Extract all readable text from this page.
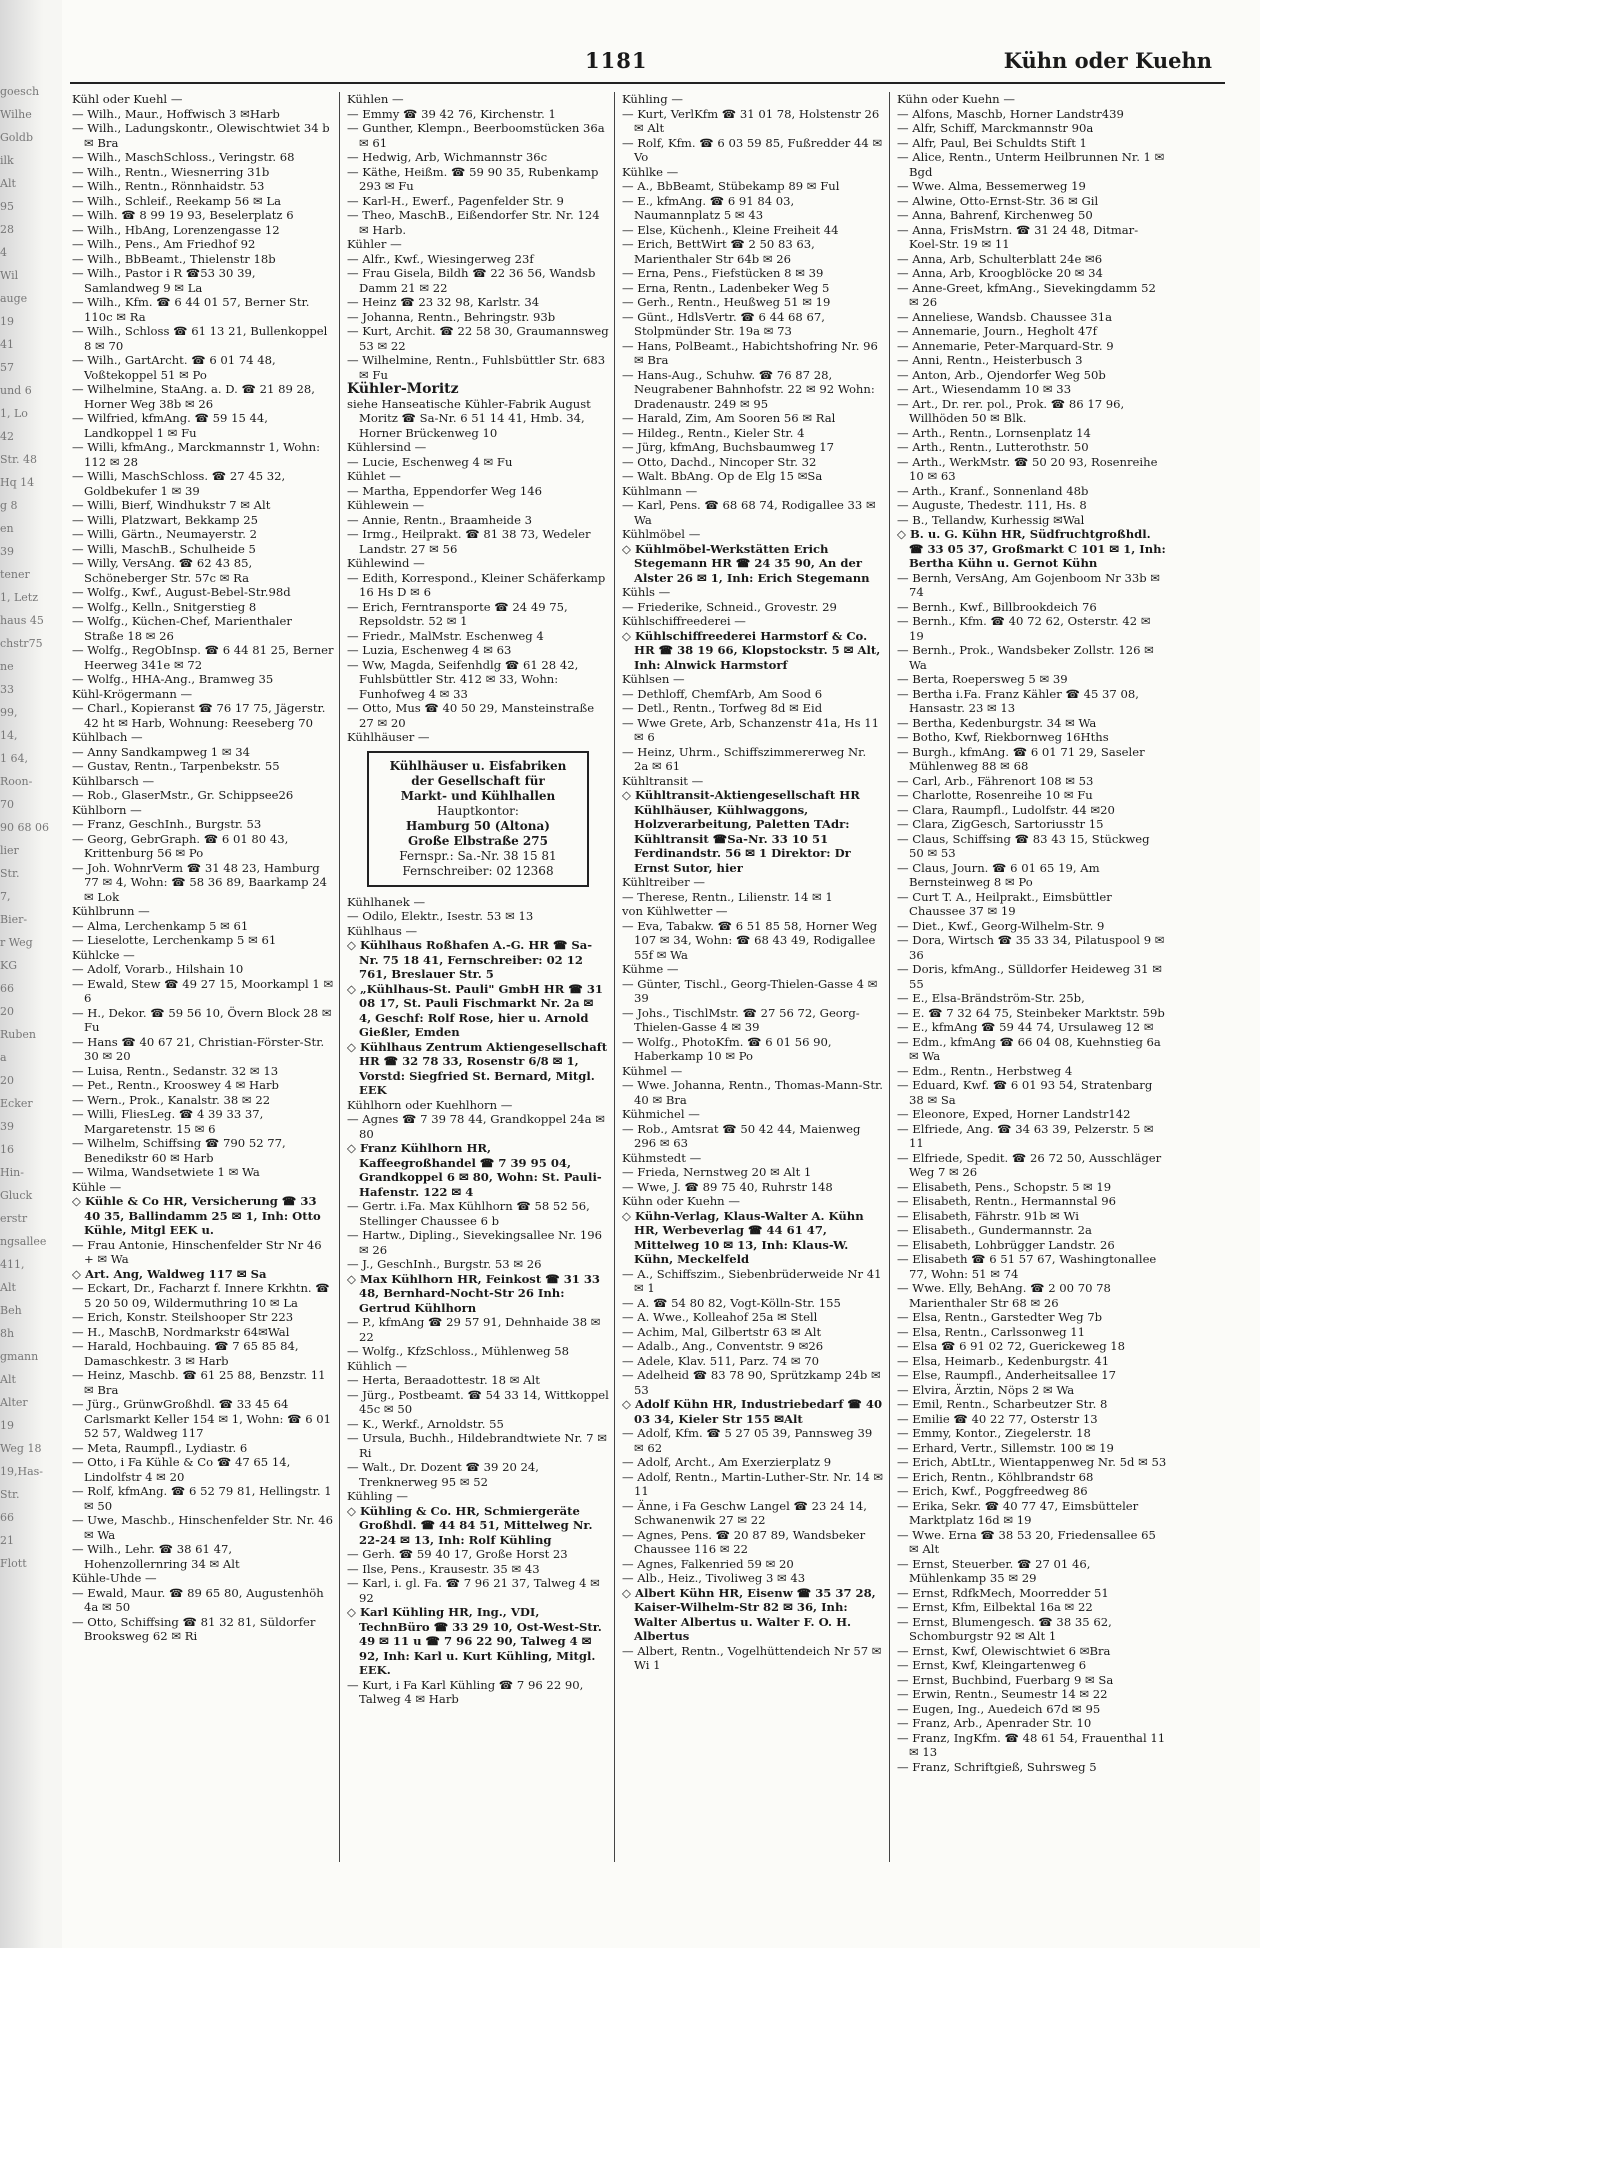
goesch
Wilhe
Goldb
ilk
Alt
95
28
4
Wil
auge
19
41
57
und 6
1, Lo
42
Str. 48
Hq 14
g 8
en
39
tener
1, Letz
haus 45
chstr75
ne
33
99,
14,
1 64,
Roon-
70
90 68 06
lier
Str.
7,
Bier-
r Weg
KG
66
20
Ruben
a
20
Ecker
39
16
Hin-
Gluck
erstr
ngsallee
411,
Alt
Beh
8h
gmann
Alt
Alter
19
Weg 18
19,Has-
Str.
66
21
Flott
1181	Kühn oder Kuehn

Kühl oder Kuehl —

— Wilh., Maur., Hoffwisch 3 ✉Harb

— Wilh., Ladungskontr., Olewischtwiet 34 b ✉ Bra

— Wilh., MaschSchloss., Veringstr. 68

— Wilh., Rentn., Wiesnerring 31b

— Wilh., Rentn., Rönnhaidstr. 53

— Wilh., Schleif., Reekamp 56 ✉ La

— Wilh. ☎ 8 99 19 93, Beselerplatz 6

— Wilh., HbAng, Lorenzengasse 12

— Wilh., Pens., Am Friedhof 92

— Wilh., BbBeamt., Thielenstr 18b

— Wilh., Pastor i R ☎53 30 39, Samlandweg 9 ✉ La

— Wilh., Kfm. ☎ 6 44 01 57, Berner Str. 110c ✉ Ra

— Wilh., Schloss ☎ 61 13 21, Bullenkoppel 8 ✉ 70

— Wilh., GartArcht. ☎ 6 01 74 48, Voßtekoppel 51 ✉ Po

— Wilhelmine, StaAng. a. D. ☎ 21 89 28, Horner Weg 38b ✉ 26

— Wilfried, kfmAng. ☎ 59 15 44, Landkoppel 1 ✉ Fu

— Willi, kfmAng., Marckmannstr 1, Wohn: 112 ✉ 28

— Willi, MaschSchloss. ☎ 27 45 32, Goldbekufer 1 ✉ 39

— Willi, Bierf, Windhukstr 7 ✉ Alt

— Willi, Platzwart, Bekkamp 25

— Willi, Gärtn., Neumayerstr. 2

— Willi, MaschB., Schulheide 5

— Willy, VersAng. ☎ 62 43 85, Schöneberger Str. 57c ✉ Ra

— Wolfg., Kwf., August-Bebel-Str.98d

— Wolfg., Kelln., Snitgerstieg 8

— Wolfg., Küchen-Chef, Marienthaler Straße 18 ✉ 26

— Wolfg., RegObInsp. ☎ 6 44 81 25, Berner Heerweg 341e ✉ 72

— Wolfg., HHA-Ang., Bramweg 35

Kühl-Krögermann —

— Charl., Kopieranst ☎ 76 17 75, Jägerstr. 42 ht ✉ Harb, Wohnung: Reeseberg 70

Kühlbach —

— Anny Sandkampweg 1 ✉ 34

— Gustav, Rentn., Tarpenbekstr. 55

Kühlbarsch —

— Rob., GlaserMstr., Gr. Schippsee26

Kühlborn —

— Franz, GeschInh., Burgstr. 53

— Georg, GebrGraph. ☎ 6 01 80 43, Krittenburg 56 ✉ Po

— Joh. WohnrVerm ☎ 31 48 23, Hamburg 77 ✉ 4, Wohn: ☎ 58 36 89, Baarkamp 24 ✉ Lok

Kühlbrunn —

— Alma, Lerchenkamp 5 ✉ 61

— Lieselotte, Lerchenkamp 5 ✉ 61

Kühlcke —

— Adolf, Vorarb., Hilshain 10

— Ewald, Stew ☎ 49 27 15, Moorkampl 1 ✉ 6

— H., Dekor. ☎ 59 56 10, Övern Block 28 ✉ Fu

— Hans ☎ 40 67 21, Christian-Förster-Str. 30 ✉ 20

— Luisa, Rentn., Sedanstr. 32 ✉ 13

— Pet., Rentn., Krooswey 4 ✉ Harb

— Wern., Prok., Kanalstr. 38 ✉ 22

— Willi, FliesLeg. ☎ 4 39 33 37, Margaretenstr. 15 ✉ 6

— Wilhelm, Schiffsing ☎ 790 52 77, Benedikstr 60 ✉ Harb

— Wilma, Wandsetwiete 1 ✉ Wa

Kühle —

◇ Kühle & Co HR, Versicherung ☎ 33 40 35, Ballindamm 25 ✉ 1, Inh: Otto Kühle, Mitgl EEK u.

— Frau Antonie, Hinschenfelder Str Nr 46 + ✉ Wa

◇ Art. Ang, Waldweg 117 ✉ Sa

— Eckart, Dr., Facharzt f. Innere Krkhtn. ☎ 5 20 50 09, Wildermuthring 10 ✉ La

— Erich, Konstr. Steilshooper Str 223

— H., MaschB, Nordmarkstr 64✉Wal

— Harald, Hochbauing. ☎ 7 65 85 84, Damaschkestr. 3 ✉ Harb

— Heinz, Maschb. ☎ 61 25 88, Benzstr. 11 ✉ Bra

— Jürg., GrünwGroßhdl. ☎ 33 45 64 Carlsmarkt Keller 154 ✉ 1, Wohn: ☎ 6 01 52 57, Waldweg 117

— Meta, Raumpfl., Lydiastr. 6

— Otto, i Fa Kühle & Co ☎ 47 65 14, Lindolfstr 4 ✉ 20

— Rolf, kfmAng. ☎ 6 52 79 81, Hellingstr. 1 ✉ 50

— Uwe, Maschb., Hinschenfelder Str. Nr. 46 ✉ Wa

— Wilh., Lehr. ☎ 38 61 47, Hohenzollernring 34 ✉ Alt

Kühle-Uhde —

— Ewald, Maur. ☎ 89 65 80, Augustenhöh 4a ✉ 50

— Otto, Schiffsing ☎ 81 32 81, Süldorfer Brooksweg 62 ✉ Ri

Kühlen —

— Emmy ☎ 39 42 76, Kirchenstr. 1

— Gunther, Klempn., Beerboomstücken 36a ✉ 61

— Hedwig, Arb, Wichmannstr 36c

— Käthe, Heißm. ☎ 59 90 35, Rubenkamp 293 ✉ Fu

— Karl-H., Ewerf., Pagenfelder Str. 9

— Theo, MaschB., Eißendorfer Str. Nr. 124 ✉ Harb.

Kühler —

— Alfr., Kwf., Wiesingerweg 23f

— Frau Gisela, Bildh ☎ 22 36 56, Wandsb Damm 21 ✉ 22

— Heinz ☎ 23 32 98, Karlstr. 34

— Johanna, Rentn., Behringstr. 93b

— Kurt, Archit. ☎ 22 58 30, Graumannsweg 53 ✉ 22

— Wilhelmine, Rentn., Fuhlsbüttler Str. 683 ✉ Fu

Kühler-Moritz

siehe Hanseatische Kühler-Fabrik August Moritz ☎ Sa-Nr. 6 51 14 41, Hmb. 34, Horner Brückenweg 10

Kühlersind —

— Lucie, Eschenweg 4 ✉ Fu

Kühlet —

— Martha, Eppendorfer Weg 146

Kühlewein —

— Annie, Rentn., Braamheide 3

— Irmg., Heilprakt. ☎ 81 38 73, Wedeler Landstr. 27 ✉ 56

Kühlewind —

— Edith, Korrespond., Kleiner Schäferkamp 16 Hs D ✉ 6

— Erich, Ferntransporte ☎ 24 49 75, Repsoldstr. 52 ✉ 1

— Friedr., MalMstr. Eschenweg 4

— Luzia, Eschenweg 4 ✉ 63

— Ww, Magda, Seifenhdlg ☎ 61 28 42, Fuhlsbüttler Str. 412 ✉ 33, Wohn: Funhofweg 4 ✉ 33

— Otto, Mus ☎ 40 50 29, Mansteinstraße 27 ✉ 20

Kühlhäuser —

Kühlhäuser u. Eisfabriken
der Gesellschaft für
Markt- und Kühlhallen
Hauptkontor:
Hamburg 50 (Altona)
Große Elbstraße 275
Fernspr.: Sa.-Nr. 38 15 81
Fernschreiber: 02 12368

Kühlhanek —

— Odilo, Elektr., Isestr. 53 ✉ 13

Kühlhaus —

◇ Kühlhaus Roßhafen A.-G. HR ☎ Sa-Nr. 75 18 41, Fernschreiber: 02 12 761, Breslauer Str. 5

◇ „Kühlhaus-St. Pauli" GmbH HR ☎ 31 08 17, St. Pauli Fischmarkt Nr. 2a ✉ 4, Geschf: Rolf Rose, hier u. Arnold Gießler, Emden

◇ Kühlhaus Zentrum Aktiengesellschaft HR ☎ 32 78 33, Rosenstr 6/8 ✉ 1, Vorstd: Siegfried St. Bernard, Mitgl. EEK

Kühlhorn oder Kuehlhorn —

— Agnes ☎ 7 39 78 44, Grandkoppel 24a ✉ 80

◇ Franz Kühlhorn HR, Kaffeegroßhandel ☎ 7 39 95 04, Grandkoppel 6 ✉ 80, Wohn: St. Pauli-Hafenstr. 122 ✉ 4

— Gertr. i.Fa. Max Kühlhorn ☎ 58 52 56, Stellinger Chaussee 6 b

— Hartw., Dipling., Sievekingsallee Nr. 196 ✉ 26

— J., GeschInh., Burgstr. 53 ✉ 26

◇ Max Kühlhorn HR, Feinkost ☎ 31 33 48, Bernhard-Nocht-Str 26 Inh: Gertrud Kühlhorn

— P., kfmAng ☎ 29 57 91, Dehnhaide 38 ✉ 22

— Wolfg., KfzSchloss., Mühlenweg 58

Kühlich —

— Herta, Beraadottestr. 18 ✉ Alt

— Jürg., Postbeamt. ☎ 54 33 14, Wittkoppel 45c ✉ 50

— K., Werkf., Arnoldstr. 55

— Ursula, Buchh., Hildebrandtwiete Nr. 7 ✉ Ri

— Walt., Dr. Dozent ☎ 39 20 24, Trenknerweg 95 ✉ 52

Kühling —

◇ Kühling & Co. HR, Schmiergeräte Großhdl. ☎ 44 84 51, Mittelweg Nr. 22-24 ✉ 13, Inh: Rolf Kühling

— Gerh. ☎ 59 40 17, Große Horst 23

— Ilse, Pens., Krausestr. 35 ✉ 43

— Karl, i. gl. Fa. ☎ 7 96 21 37, Talweg 4 ✉ 92

◇ Karl Kühling HR, Ing., VDI, TechnBüro ☎ 33 29 10, Ost-West-Str. 49 ✉ 11 u ☎ 7 96 22 90, Talweg 4 ✉ 92, Inh: Karl u. Kurt Kühling, Mitgl. EEK.

— Kurt, i Fa Karl Kühling ☎ 7 96 22 90, Talweg 4 ✉ Harb

Kühling —

— Kurt, VerlKfm ☎ 31 01 78, Holstenstr 26 ✉ Alt

— Rolf, Kfm. ☎ 6 03 59 85, Fußredder 44 ✉ Vo

Kühlke —

— A., BbBeamt, Stübekamp 89 ✉ Ful

— E., kfmAng. ☎ 6 91 84 03, Naumannplatz 5 ✉ 43

— Else, Küchenh., Kleine Freiheit 44

— Erich, BettWirt ☎ 2 50 83 63, Marienthaler Str 64b ✉ 26

— Erna, Pens., Fiefstücken 8 ✉ 39

— Erna, Rentn., Ladenbeker Weg 5

— Gerh., Rentn., Heußweg 51 ✉ 19

— Günt., HdlsVertr. ☎ 6 44 68 67, Stolpmünder Str. 19a ✉ 73

— Hans, PolBeamt., Habichtshofring Nr. 96 ✉ Bra

— Hans-Aug., Schuhw. ☎ 76 87 28, Neugrabener Bahnhofstr. 22 ✉ 92 Wohn: Dradenaustr. 249 ✉ 95

— Harald, Zim, Am Sooren 56 ✉ Ral

— Hildeg., Rentn., Kieler Str. 4

— Jürg, kfmAng, Buchsbaumweg 17

— Otto, Dachd., Nincoper Str. 32

— Walt. BbAng. Op de Elg 15 ✉Sa

Kühlmann —

— Karl, Pens. ☎ 68 68 74, Rodigallee 33 ✉ Wa

Kühlmöbel —

◇ Kühlmöbel-Werkstätten Erich Stegemann HR ☎ 24 35 90, An der Alster 26 ✉ 1, Inh: Erich Stegemann

Kühls —

— Friederike, Schneid., Grovestr. 29

Kühlschiffreederei —

◇ Kühlschiffreederei Harmstorf & Co. HR ☎ 38 19 66, Klopstockstr. 5 ✉ Alt, Inh: Alnwick Harmstorf

Kühlsen —

— Dethloff, ChemfArb, Am Sood 6

— Detl., Rentn., Torfweg 8d ✉ Eid

— Wwe Grete, Arb, Schanzenstr 41a, Hs 11 ✉ 6

— Heinz, Uhrm., Schiffszimmererweg Nr. 2a ✉ 61

Kühltransit —

◇ Kühltransit-Aktiengesellschaft HR Kühlhäuser, Kühlwaggons, Holzverarbeitung, Paletten TAdr: Kühltransit ☎Sa-Nr. 33 10 51 Ferdinandstr. 56 ✉ 1 Direktor: Dr Ernst Sutor, hier

Kühltreiber —

— Therese, Rentn., Lilienstr. 14 ✉ 1

von Kühlwetter —

— Eva, Tabakw. ☎ 6 51 85 58, Horner Weg 107 ✉ 34, Wohn: ☎ 68 43 49, Rodigallee 55f ✉ Wa

Kühme —

— Günter, Tischl., Georg-Thielen-Gasse 4 ✉ 39

— Johs., TischlMstr. ☎ 27 56 72, Georg-Thielen-Gasse 4 ✉ 39

— Wolfg., PhotoKfm. ☎ 6 01 56 90, Haberkamp 10 ✉ Po

Kühmel —

— Wwe. Johanna, Rentn., Thomas-Mann-Str. 40 ✉ Bra

Kühmichel —

— Rob., Amtsrat ☎ 50 42 44, Maienweg 296 ✉ 63

Kühmstedt —

— Frieda, Nernstweg 20 ✉ Alt 1

— Wwe, J. ☎ 89 75 40, Ruhrstr 148

Kühn oder Kuehn —

◇ Kühn-Verlag, Klaus-Walter A. Kühn HR, Werbeverlag ☎ 44 61 47, Mittelweg 10 ✉ 13, Inh: Klaus-W. Kühn, Meckelfeld

— A., Schiffszim., Siebenbrüderweide Nr 41 ✉ 1

— A. ☎ 54 80 82, Vogt-Kölln-Str. 155

— A. Wwe., Kolleahof 25a ✉ Stell

— Achim, Mal, Gilbertstr 63 ✉ Alt

— Adalb., Ang., Conventstr. 9 ✉26

— Adele, Klav. 511, Parz. 74 ✉ 70

— Adelheid ☎ 83 78 90, Sprützkamp 24b ✉ 53

◇ Adolf Kühn HR, Industriebedarf ☎ 40 03 34, Kieler Str 155 ✉Alt

— Adolf, Kfm. ☎ 5 27 05 39, Pannsweg 39 ✉ 62

— Adolf, Archt., Am Exerzierplatz 9

— Adolf, Rentn., Martin-Luther-Str. Nr. 14 ✉ 11

— Änne, i Fa Geschw Langel ☎ 23 24 14, Schwanenwik 27 ✉ 22

— Agnes, Pens. ☎ 20 87 89, Wandsbeker Chaussee 116 ✉ 22

— Agnes, Falkenried 59 ✉ 20

— Alb., Heiz., Tivoliweg 3 ✉ 43

◇ Albert Kühn HR, Eisenw ☎ 35 37 28, Kaiser-Wilhelm-Str 82 ✉ 36, Inh: Walter Albertus u. Walter F. O. H. Albertus

— Albert, Rentn., Vogelhüttendeich Nr 57 ✉ Wi 1

Kühn oder Kuehn —

— Alfons, Maschb, Horner Landstr439

— Alfr, Schiff, Marckmannstr 90a

— Alfr, Paul, Bei Schuldts Stift 1

— Alice, Rentn., Unterm Heilbrunnen Nr. 1 ✉ Bgd

— Wwe. Alma, Bessemerweg 19

— Alwine, Otto-Ernst-Str. 36 ✉ Gil

— Anna, Bahrenf, Kirchenweg 50

— Anna, FrisMstrn. ☎ 31 24 48, Ditmar-Koel-Str. 19 ✉ 11

— Anna, Arb, Schulterblatt 24e ✉6

— Anna, Arb, Kroogblöcke 20 ✉ 34

— Anne-Greet, kfmAng., Sievekingdamm 52 ✉ 26

— Anneliese, Wandsb. Chaussee 31a

— Annemarie, Journ., Hegholt 47f

— Annemarie, Peter-Marquard-Str. 9

— Anni, Rentn., Heisterbusch 3

— Anton, Arb., Ojendorfer Weg 50b

— Art., Wiesendamm 10 ✉ 33

— Art., Dr. rer. pol., Prok. ☎ 86 17 96, Willhöden 50 ✉ Blk.

— Arth., Rentn., Lornsenplatz 14

— Arth., Rentn., Lutterothstr. 50

— Arth., WerkMstr. ☎ 50 20 93, Rosenreihe 10 ✉ 63

— Arth., Kranf., Sonnenland 48b

— Auguste, Thedestr. 111, Hs. 8

— B., Tellandw, Kurhessig ✉Wal

◇ B. u. G. Kühn HR, Südfruchtgroßhdl. ☎ 33 05 37, Großmarkt C 101 ✉ 1, Inh: Bertha Kühn u. Gernot Kühn

— Bernh, VersAng, Am Gojenboom Nr 33b ✉ 74

— Bernh., Kwf., Billbrookdeich 76

— Bernh., Kfm. ☎ 40 72 62, Osterstr. 42 ✉ 19

— Bernh., Prok., Wandsbeker Zollstr. 126 ✉ Wa

— Berta, Roepersweg 5 ✉ 39

— Bertha i.Fa. Franz Kähler ☎ 45 37 08, Hansastr. 23 ✉ 13

— Bertha, Kedenburgstr. 34 ✉ Wa

— Botho, Kwf, Riekbornweg 16Hths

— Burgh., kfmAng. ☎ 6 01 71 29, Saseler Mühlenweg 88 ✉ 68

— Carl, Arb., Fährenort 108 ✉ 53

— Charlotte, Rosenreihe 10 ✉ Fu

— Clara, Raumpfl., Ludolfstr. 44 ✉20

— Clara, ZigGesch, Sartoriusstr 15

— Claus, Schiffsing ☎ 83 43 15, Stückweg 50 ✉ 53

— Claus, Journ. ☎ 6 01 65 19, Am Bernsteinweg 8 ✉ Po

— Curt T. A., Heilprakt., Eimsbüttler Chaussee 37 ✉ 19

— Diet., Kwf., Georg-Wilhelm-Str. 9

— Dora, Wirtsch ☎ 35 33 34, Pilatuspool 9 ✉ 36

— Doris, kfmAng., Sülldorfer Heideweg 31 ✉ 55

— E., Elsa-Brändström-Str. 25b,

— E. ☎ 7 32 64 75, Steinbeker Marktstr. 59b

— E., kfmAng ☎ 59 44 74, Ursulaweg 12 ✉

— Edm., kfmAng ☎ 66 04 08, Kuehnstieg 6a ✉ Wa

— Edm., Rentn., Herbstweg 4

— Eduard, Kwf. ☎ 6 01 93 54, Stratenbarg 38 ✉ Sa

— Eleonore, Exped, Horner Landstr142

— Elfriede, Ang. ☎ 34 63 39, Pelzerstr. 5 ✉ 11

— Elfriede, Spedit. ☎ 26 72 50, Ausschläger Weg 7 ✉ 26

— Elisabeth, Pens., Schopstr. 5 ✉ 19

— Elisabeth, Rentn., Hermannstal 96

— Elisabeth, Fährstr. 91b ✉ Wi

— Elisabeth., Gundermannstr. 2a

— Elisabeth, Lohbrügger Landstr. 26

— Elisabeth ☎ 6 51 57 67, Washingtonallee 77, Wohn: 51 ✉ 74

— Wwe. Elly, BehAng. ☎ 2 00 70 78 Marienthaler Str 68 ✉ 26

— Elsa, Rentn., Garstedter Weg 7b

— Elsa, Rentn., Carlssonweg 11

— Elsa ☎ 6 91 02 72, Guerickeweg 18

— Elsa, Heimarb., Kedenburgstr. 41

— Else, Raumpfl., Anderheitsallee 17

— Elvira, Ärztin, Nöps 2 ✉ Wa

— Emil, Rentn., Scharbeutzer Str. 8

— Emilie ☎ 40 22 77, Osterstr 13

— Emmy, Kontor., Ziegelerstr. 18

— Erhard, Vertr., Sillemstr. 100 ✉ 19

— Erich, AbtLtr., Wientappenweg Nr. 5d ✉ 53

— Erich, Rentn., Köhlbrandstr 68

— Erich, Kwf., Poggfreedweg 86

— Erika, Sekr. ☎ 40 77 47, Eimsbütteler Marktplatz 16d ✉ 19

— Wwe. Erna ☎ 38 53 20, Friedensallee 65 ✉ Alt

— Ernst, Steuerber. ☎ 27 01 46, Mühlenkamp 35 ✉ 29

— Ernst, RdfkMech, Moorredder 51

— Ernst, Kfm, Eilbektal 16a ✉ 22

— Ernst, Blumengesch. ☎ 38 35 62, Schomburgstr 92 ✉ Alt 1

— Ernst, Kwf, Olewischtwiet 6 ✉Bra

— Ernst, Kwf, Kleingartenweg 6

— Ernst, Buchbind, Fuerbarg 9 ✉ Sa

— Erwin, Rentn., Seumestr 14 ✉ 22

— Eugen, Ing., Auedeich 67d ✉ 95

— Franz, Arb., Apenrader Str. 10

— Franz, IngKfm. ☎ 48 61 54, Frauenthal 11 ✉ 13

— Franz, Schriftgieß, Suhrsweg 5
